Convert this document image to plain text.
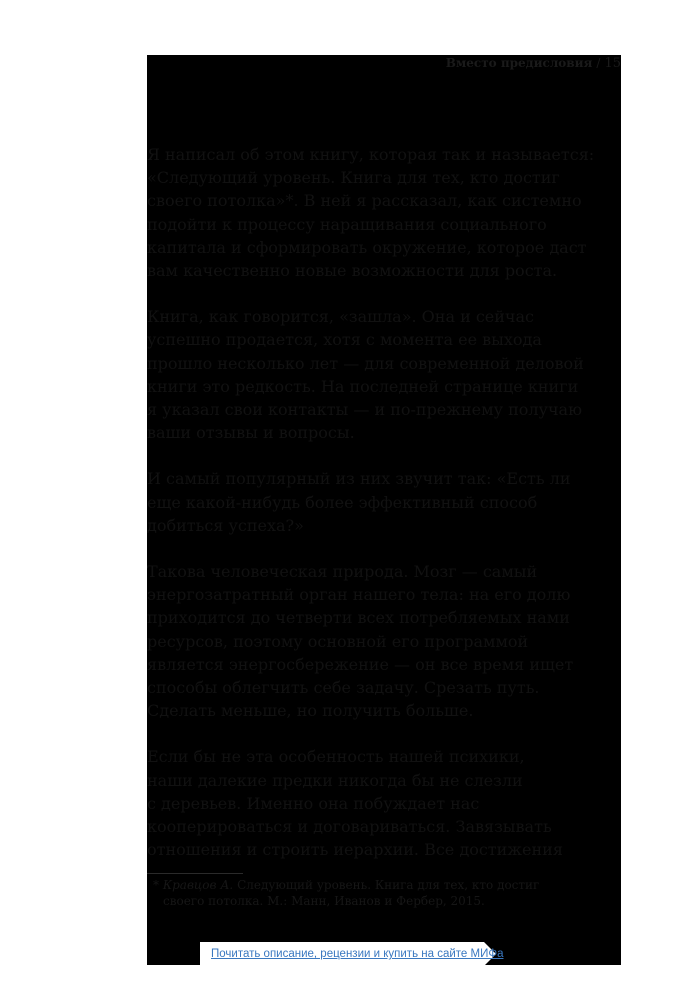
Вместо предисловия / 15
Я написал об этом книгу, которая так и называется:
«Следующий уровень. Книга для тех, кто достиг
своего потолка»*. В ней я рассказал, как системно
подойти к процессу наращивания социального
капитала и сформировать окружение, которое даст
вам качественно новые возможности для роста.
Книга, как говорится, «зашла». Она и сейчас
успешно продается, хотя с момента ее выхода
прошло несколько лет — для современной деловой
книги это редкость. На последней странице книги
я указал свои контакты — и по-прежнему получаю
ваши отзывы и вопросы.
И самый популярный из них звучит так: «Есть ли
еще какой-нибудь более эффективный способ
добиться успеха?»
Такова человеческая природа. Мозг — самый
энергозатратный орган нашего тела: на его долю
приходится до четверти всех потребляемых нами
ресурсов, поэтому основной его программой
является энергосбережение — он все время ищет
способы облегчить себе задачу. Срезать путь.
Сделать меньше, но получить больше.
Если бы не эта особенность нашей психики,
наши далекие предки никогда бы не слезли
с деревьев. Именно она побуждает нас
кооперироваться и договариваться. Завязывать
отношения и строить иерархии. Все достижения
* Кравцов А. Следующий уровень. Книга для тех, кто достиг
своего потолка. М.: Манн, Иванов и Фербер, 2015.
Почитать описание, рецензии и купить на сайте МИФа
